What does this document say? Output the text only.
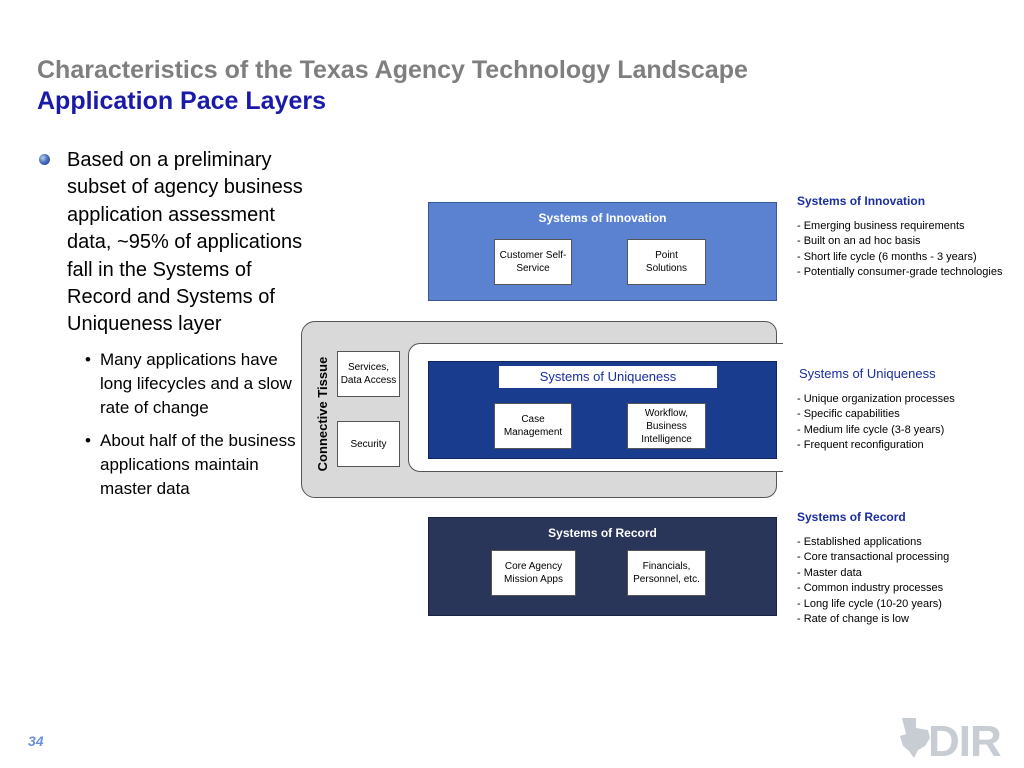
Characteristics of the Texas Agency Technology Landscape
Application Pace Layers
Based on a preliminary subset of agency business application assessment data, ~95% of applications fall in the Systems of Record and Systems of Uniqueness layer
• Many applications have long lifecycles and a slow rate of change
• About half of the business applications maintain master data
Systems of Innovation
Customer Self-
Service
Point
Solutions
Connective Tissue	Services,
Data Access
Security
Systems of Uniqueness
Case
Management
Workflow,
Business
Intelligence
Systems of Record
Core Agency
Mission Apps
Financials,
Personnel, etc.
Systems of Innovation
- Emerging business requirements
- Built on an ad hoc basis
- Short life cycle (6 months - 3 years)
- Potentially consumer-grade technologies
Systems of Uniqueness
- Unique organization processes
- Specific capabilities
- Medium life cycle (3-8 years)
- Frequent reconfiguration
Systems of Record
- Established applications
- Core transactional processing
- Master data
- Common industry processes
- Long life cycle (10-20 years)
- Rate of change is low
34	DIR
